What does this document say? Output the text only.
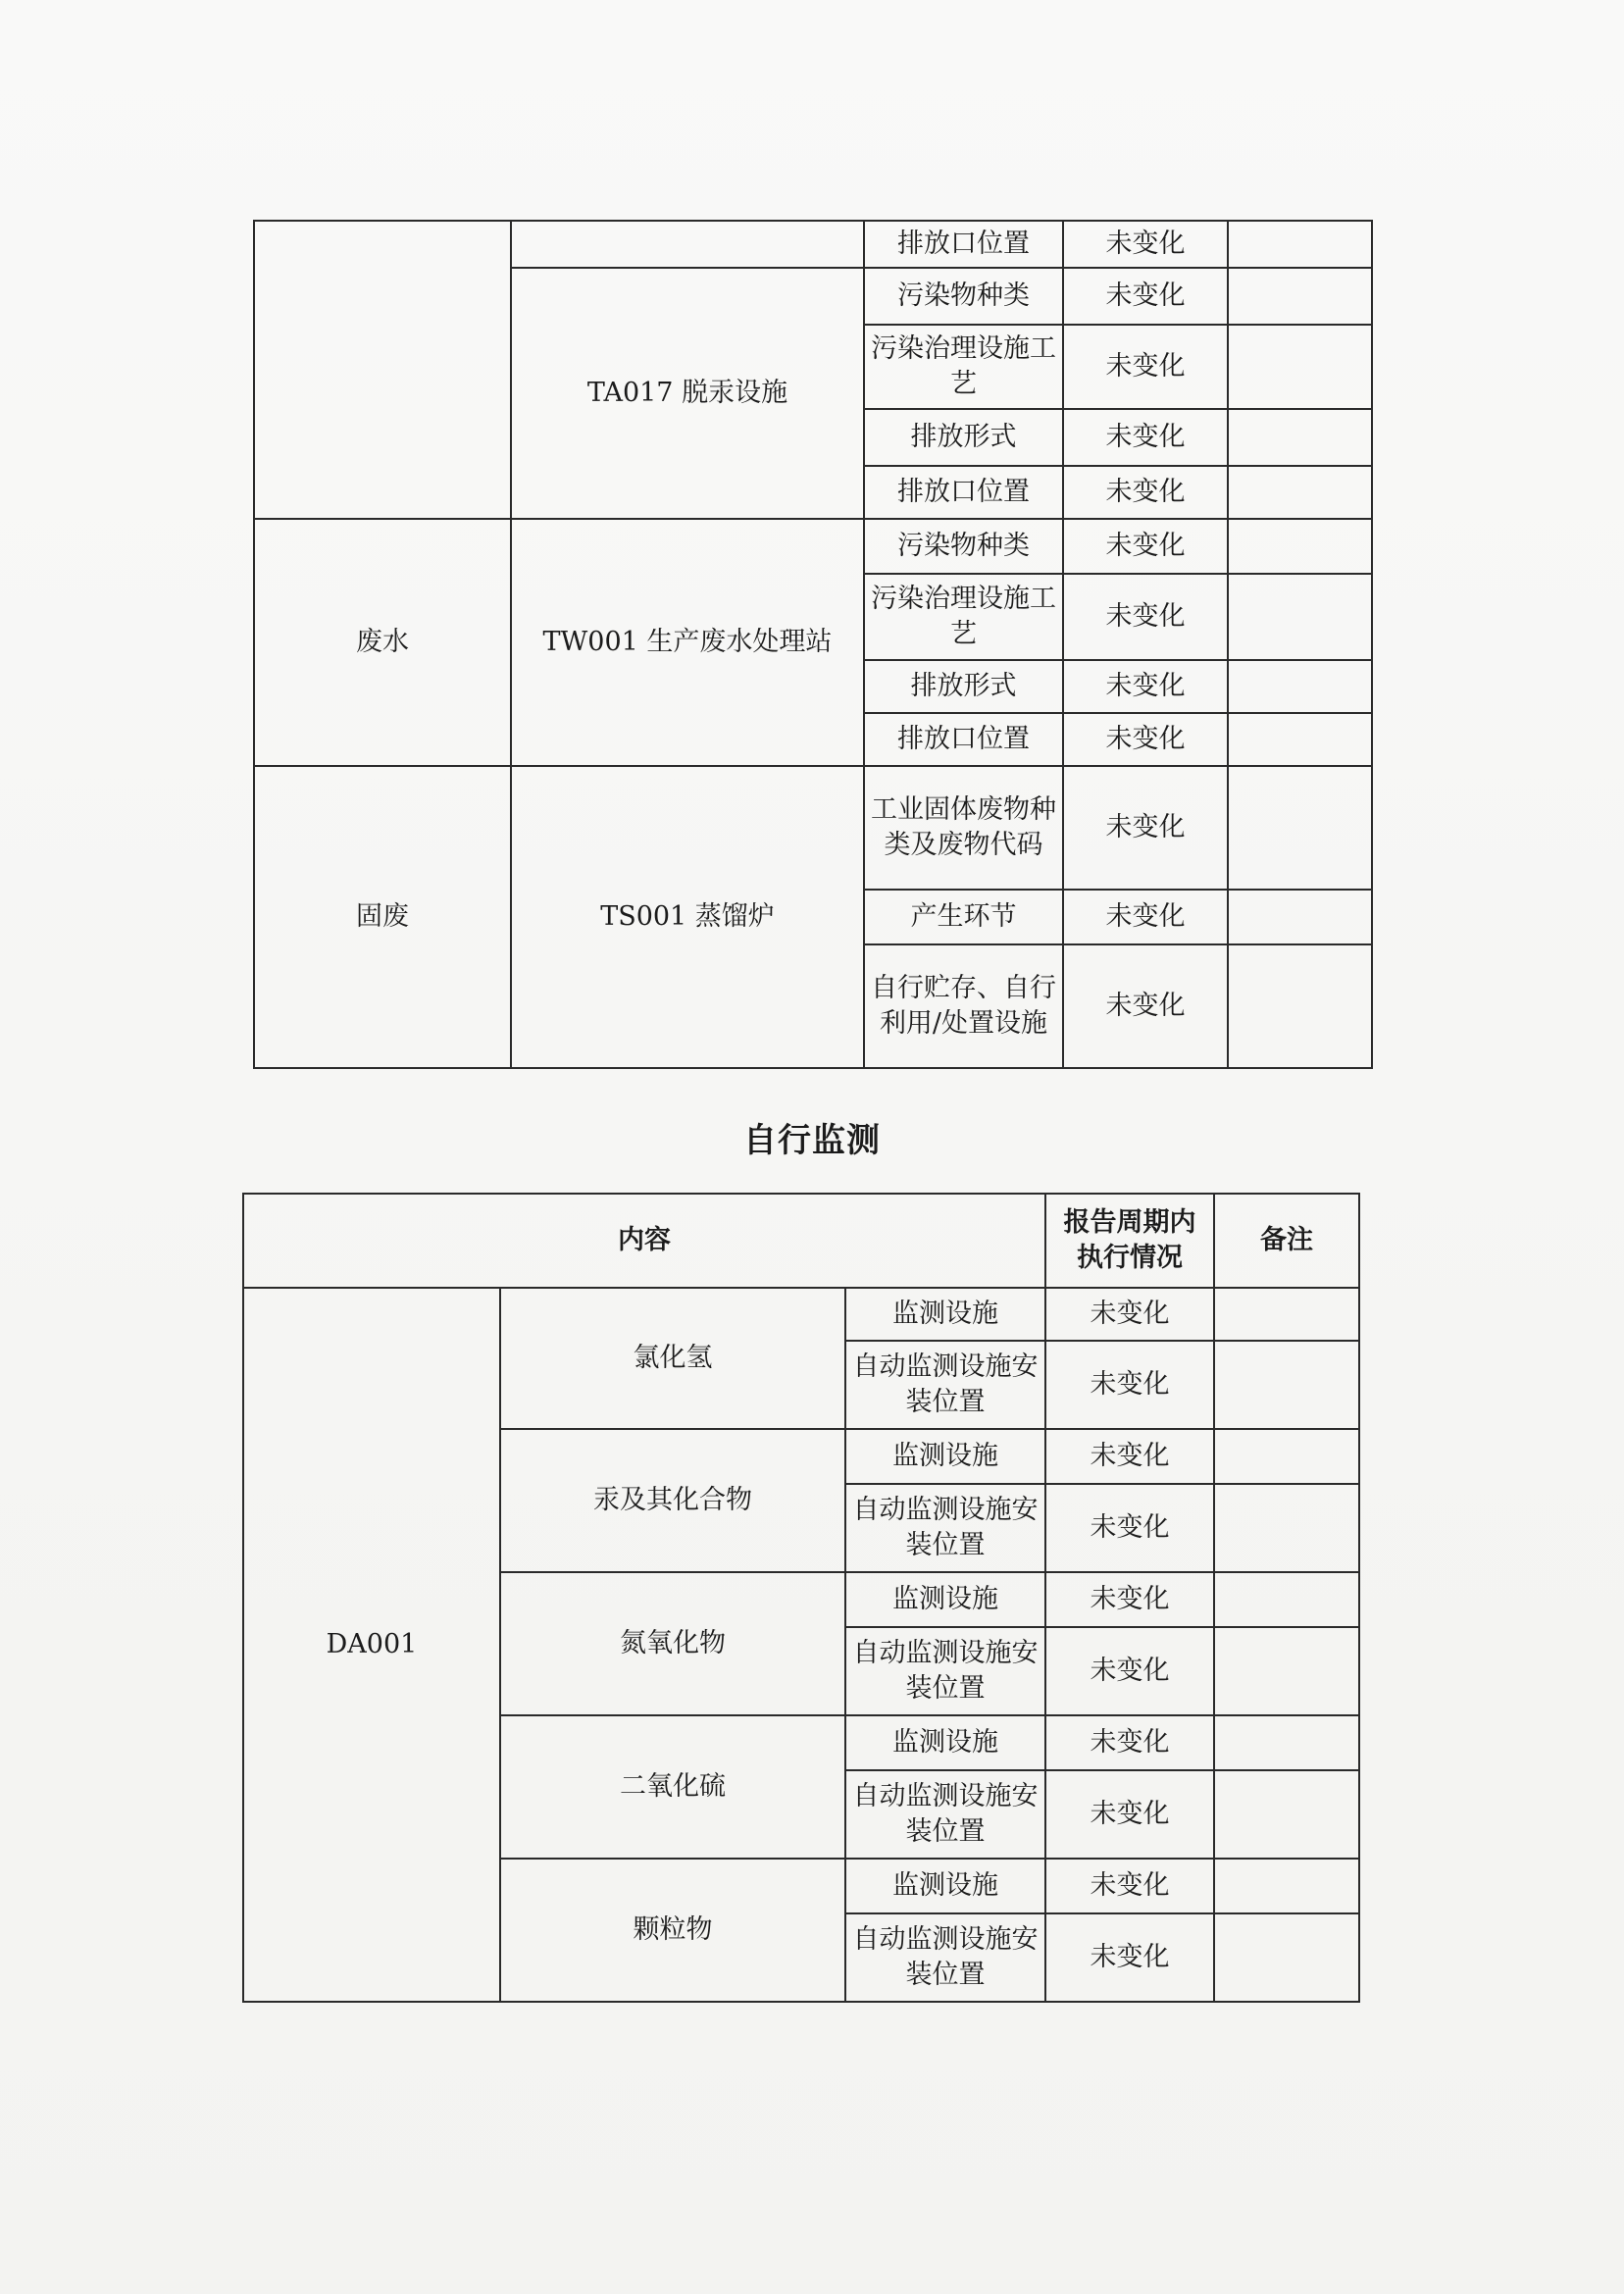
		排放口位置	未变化	
	TA017 脱汞设施	污染物种类	未变化	
		污染治理设施工艺	未变化	
		排放形式	未变化	
		排放口位置	未变化	
废水	TW001 生产废水处理站	污染物种类	未变化	
		污染治理设施工艺	未变化	
		排放形式	未变化	
		排放口位置	未变化	
固废	TS001 蒸馏炉	工业固体废物种类及废物代码	未变化	
		产生环节	未变化	
		自行贮存、自行利用/处置设施	未变化	
自行监测
内容			报告周期内执行情况	备注
DA001	氯化氢	监测设施	未变化	
		自动监测设施安装位置	未变化	
	汞及其化合物	监测设施	未变化	
		自动监测设施安装位置	未变化	
	氮氧化物	监测设施	未变化	
		自动监测设施安装位置	未变化	
	二氧化硫	监测设施	未变化	
		自动监测设施安装位置	未变化	
	颗粒物	监测设施	未变化	
		自动监测设施安装位置	未变化	
